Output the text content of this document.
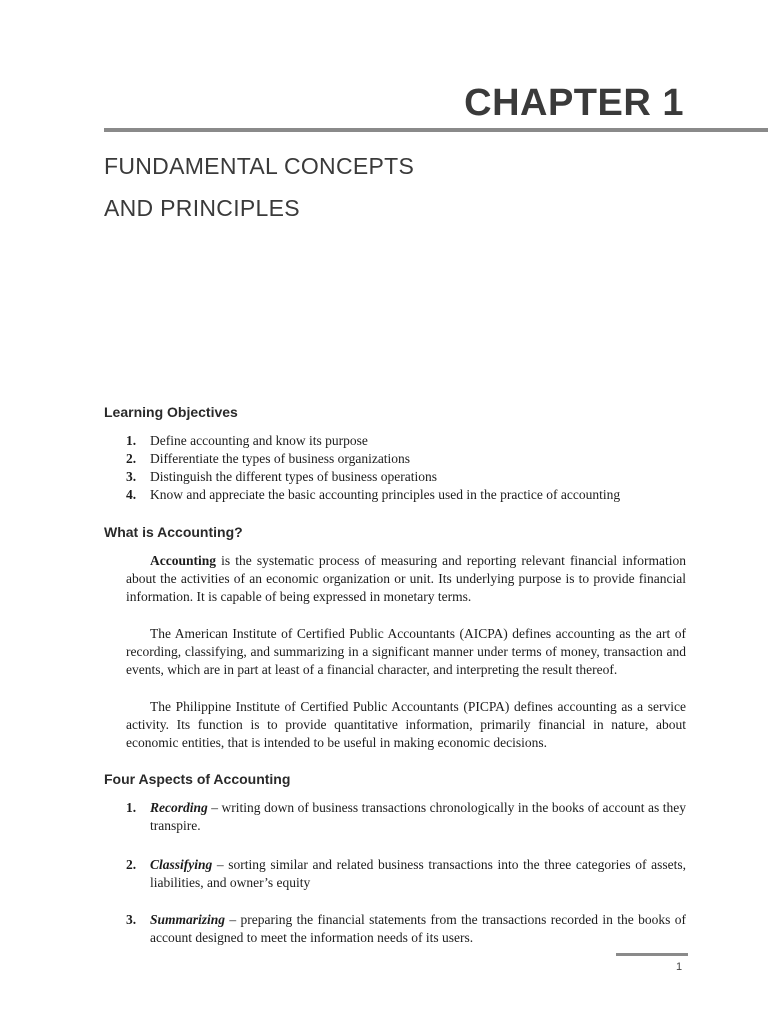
CHAPTER 1
FUNDAMENTAL CONCEPTS
AND PRINCIPLES
Learning Objectives
1. Define accounting and know its purpose
2. Differentiate the types of business organizations
3. Distinguish the different types of business operations
4. Know and appreciate the basic accounting principles used in the practice of accounting
What is Accounting?

Accounting is the systematic process of measuring and reporting relevant financial information about the activities of an economic organization or unit. Its underlying purpose is to provide financial information. It is capable of being expressed in monetary terms.

The American Institute of Certified Public Accountants (AICPA) defines accounting as the art of recording, classifying, and summarizing in a significant manner under terms of money, transaction and events, which are in part at least of a financial character, and interpreting the result thereof.

The Philippine Institute of Certified Public Accountants (PICPA) defines accounting as a service activity. Its function is to provide quantitative information, primarily financial in nature, about economic entities, that is intended to be useful in making economic decisions.

Four Aspects of Accounting
1.	Recording – writing down of business transactions chronologically in the books of account as they transpire.
2.	Classifying – sorting similar and related business transactions into the three categories of assets, liabilities, and owner’s equity
3.	Summarizing – preparing the financial statements from the transactions recorded in the books of account designed to meet the information needs of its users.
1
